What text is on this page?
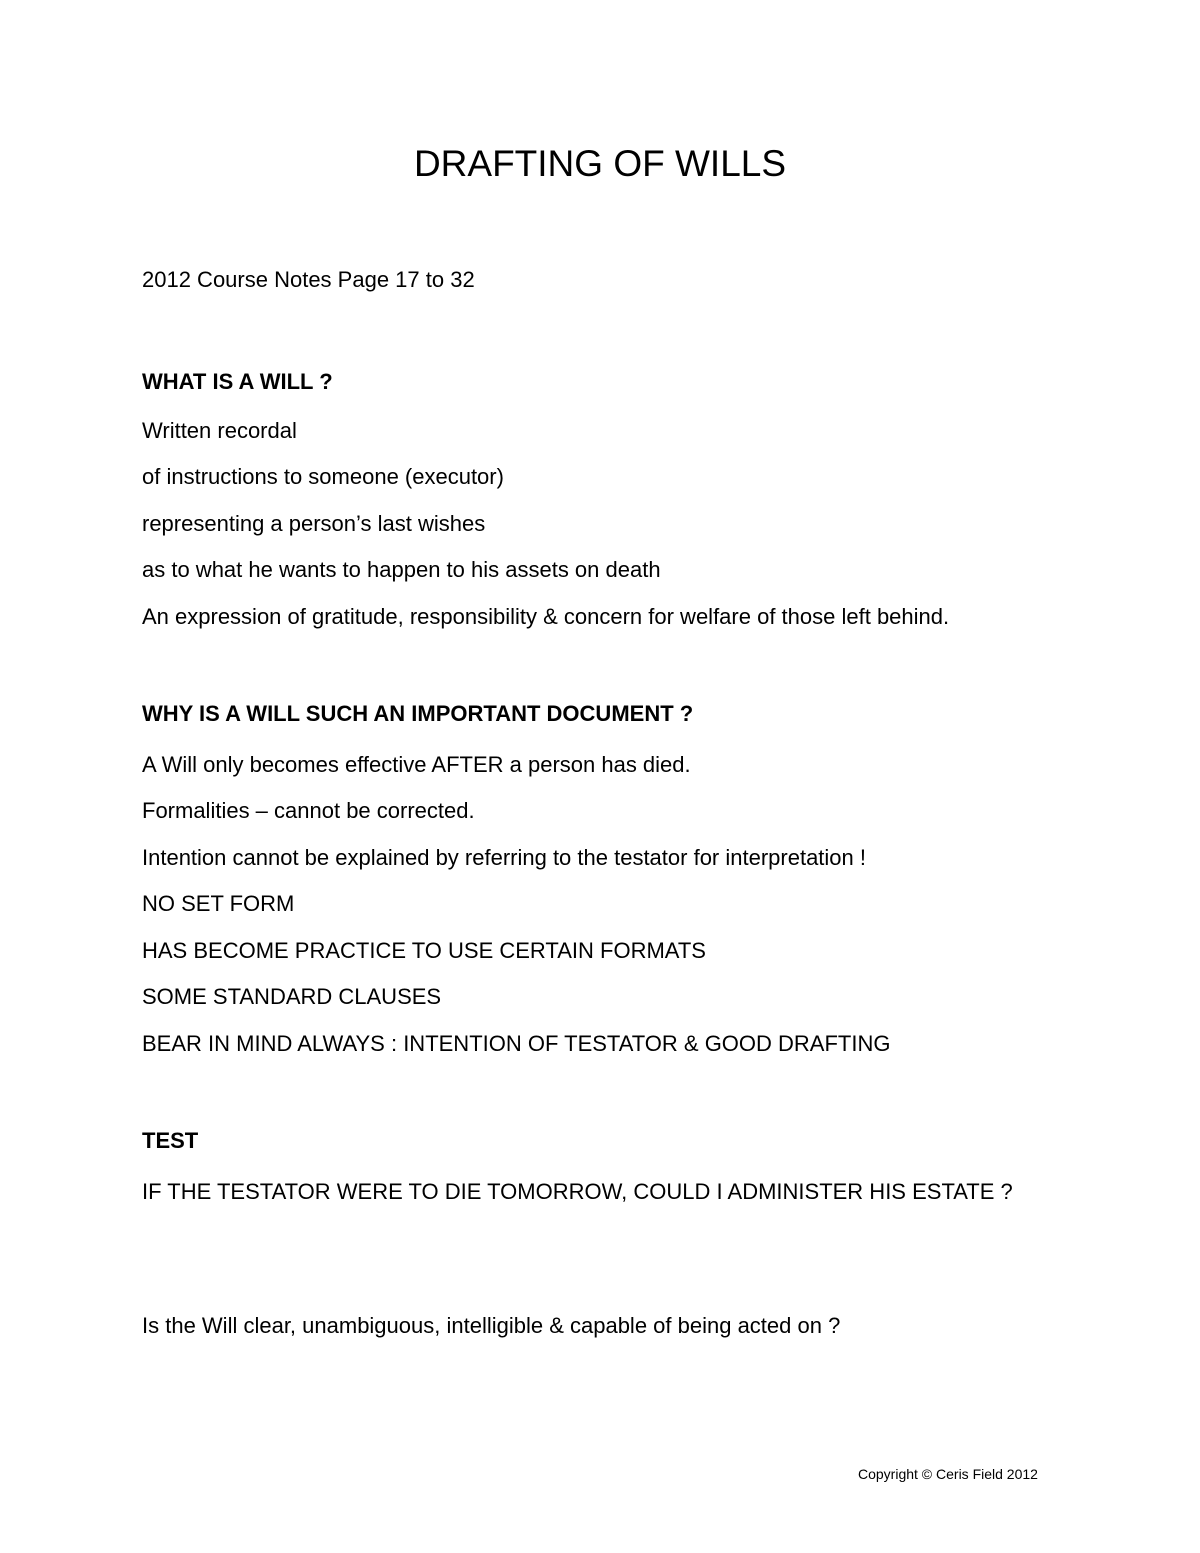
DRAFTING OF WILLS
2012 Course Notes Page 17 to 32
WHAT IS A WILL ?
Written recordal
of instructions to someone (executor)
representing a person’s last wishes
as to what he wants to happen to his assets on death
An expression of gratitude, responsibility & concern for welfare of those left behind.
WHY IS A WILL SUCH AN IMPORTANT DOCUMENT ?
A Will only becomes effective AFTER a person has died.
Formalities – cannot be corrected.
Intention cannot be explained by referring to the testator for interpretation !
NO SET FORM
HAS BECOME PRACTICE TO USE CERTAIN FORMATS
SOME STANDARD CLAUSES
BEAR IN MIND ALWAYS : INTENTION OF TESTATOR & GOOD DRAFTING
TEST
IF THE TESTATOR WERE TO DIE TOMORROW, COULD I ADMINISTER HIS ESTATE ?
Is the Will clear, unambiguous, intelligible & capable of being acted on ?
Copyright © Ceris Field 2012
